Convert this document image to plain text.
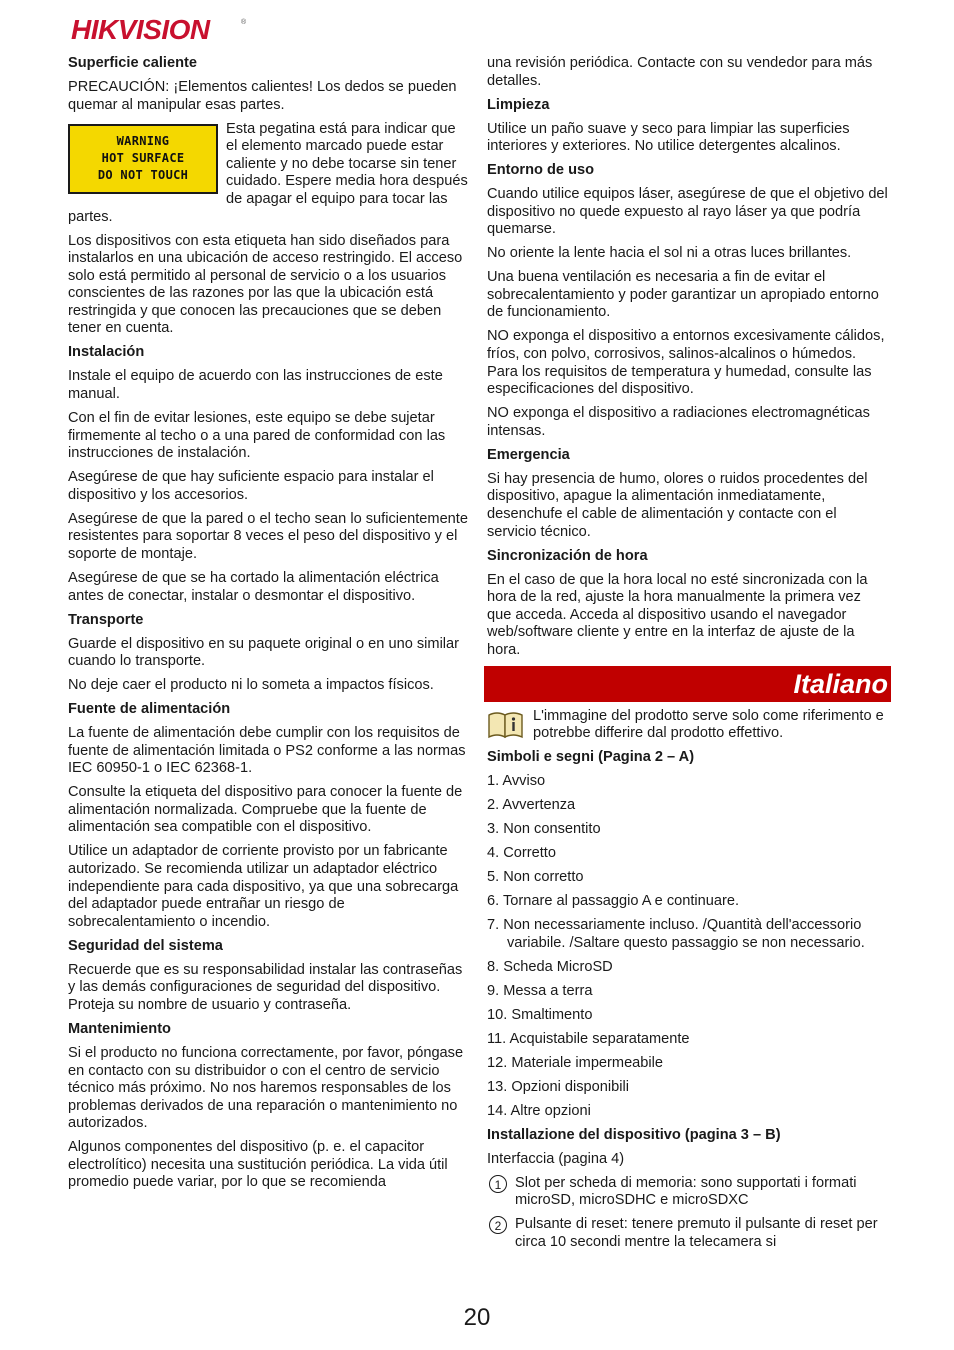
HIKVISION	®
Superficie caliente

PRECAUCIÓN: ¡Elementos calientes! Los dedos se pueden quemar al manipular esas partes.

WARNING
HOT SURFACE
DO NOT TOUCH

Esta pegatina está para indicar que el elemento marcado puede estar caliente y no debe tocarse sin tener cuidado. Espere media hora después de apagar el equipo para tocar las partes.

Los dispositivos con esta etiqueta han sido diseñados para instalarlos en una ubicación de acceso restringido. El acceso solo está permitido al personal de servicio o a los usuarios conscientes de las razones por las que la ubicación está restringida y que conocen las precauciones que se deben tener en cuenta.

Instalación

Instale el equipo de acuerdo con las instrucciones de este manual.

Con el fin de evitar lesiones, este equipo se debe sujetar firmemente al techo o a una pared de conformidad con las instrucciones de instalación.

Asegúrese de que hay suficiente espacio para instalar el dispositivo y los accesorios.

Asegúrese de que la pared o el techo sean lo suficientemente resistentes para soportar 8 veces el peso del dispositivo y el soporte de montaje.

Asegúrese de que se ha cortado la alimentación eléctrica antes de conectar, instalar o desmontar el dispositivo.

Transporte

Guarde el dispositivo en su paquete original o en uno similar cuando lo transporte.

No deje caer el producto ni lo someta a impactos físicos.

Fuente de alimentación

La fuente de alimentación debe cumplir con los requisitos de fuente de alimentación limitada o PS2 conforme a las normas IEC 60950-1 o IEC 62368-1.

Consulte la etiqueta del dispositivo para conocer la fuente de alimentación normalizada. Compruebe que la fuente de alimentación sea compatible con el dispositivo.

Utilice un adaptador de corriente provisto por un fabricante autorizado. Se recomienda utilizar un adaptador eléctrico independiente para cada dispositivo, ya que una sobrecarga del adaptador puede entrañar un riesgo de sobrecalentamiento o incendio.

Seguridad del sistema

Recuerde que es su responsabilidad instalar las contraseñas y las demás configuraciones de seguridad del dispositivo. Proteja su nombre de usuario y contraseña.

Mantenimiento

Si el producto no funciona correctamente, por favor, póngase en contacto con su distribuidor o con el centro de servicio técnico más próximo. No nos haremos responsables de los problemas derivados de una reparación o mantenimiento no autorizados.

Algunos componentes del dispositivo (p. e. el capacitor electrolítico) necesita una sustitución periódica. La vida útil promedio puede variar, por lo que se recomienda

una revisión periódica. Contacte con su vendedor para más detalles.

Limpieza

Utilice un paño suave y seco para limpiar las superficies interiores y exteriores. No utilice detergentes alcalinos.

Entorno de uso

Cuando utilice equipos láser, asegúrese de que el objetivo del dispositivo no quede expuesto al rayo láser ya que podría quemarse.

No oriente la lente hacia el sol ni a otras luces brillantes.

Una buena ventilación es necesaria a fin de evitar el sobrecalentamiento y poder garantizar un apropiado entorno de funcionamiento.

NO exponga el dispositivo a entornos excesivamente cálidos, fríos, con polvo, corrosivos, salinos-alcalinos o húmedos. Para los requisitos de temperatura y humedad, consulte las especificaciones del dispositivo.

NO exponga el dispositivo a radiaciones electromagnéticas intensas.

Emergencia

Si hay presencia de humo, olores o ruidos procedentes del dispositivo, apague la alimentación inmediatamente, desenchufe el cable de alimentación y contacte con el servicio técnico.

Sincronización de hora

En el caso de que la hora local no esté sincronizada con la hora de la red, ajuste la hora manualmente la primera vez que acceda. Acceda al dispositivo usando el navegador web/software cliente y entre en la interfaz de ajuste de la hora.

Italiano
L'immagine del prodotto serve solo come riferimento e potrebbe differire dal prodotto effettivo.
Simboli e segni (Pagina 2 – A)
1. Avviso
2. Avvertenza
3. Non consentito
4. Corretto
5. Non corretto
6. Tornare al passaggio A e continuare.
7. Non necessariamente incluso. /Quantità dell'accessorio variabile. /Saltare questo passaggio se non necessario.
8. Scheda MicroSD
9. Messa a terra
10. Smaltimento
11. Acquistabile separatamente
12. Materiale impermeabile
13. Opzioni disponibili
14. Altre opzioni
Installazione del dispositivo (pagina 3 – B)

Interfaccia (pagina 4)

1 Slot per scheda di memoria: sono supportati i formati microSD, microSDHC e microSDXC
2 Pulsante di reset: tenere premuto il pulsante di reset per circa 10 secondi mentre la telecamera si
20
